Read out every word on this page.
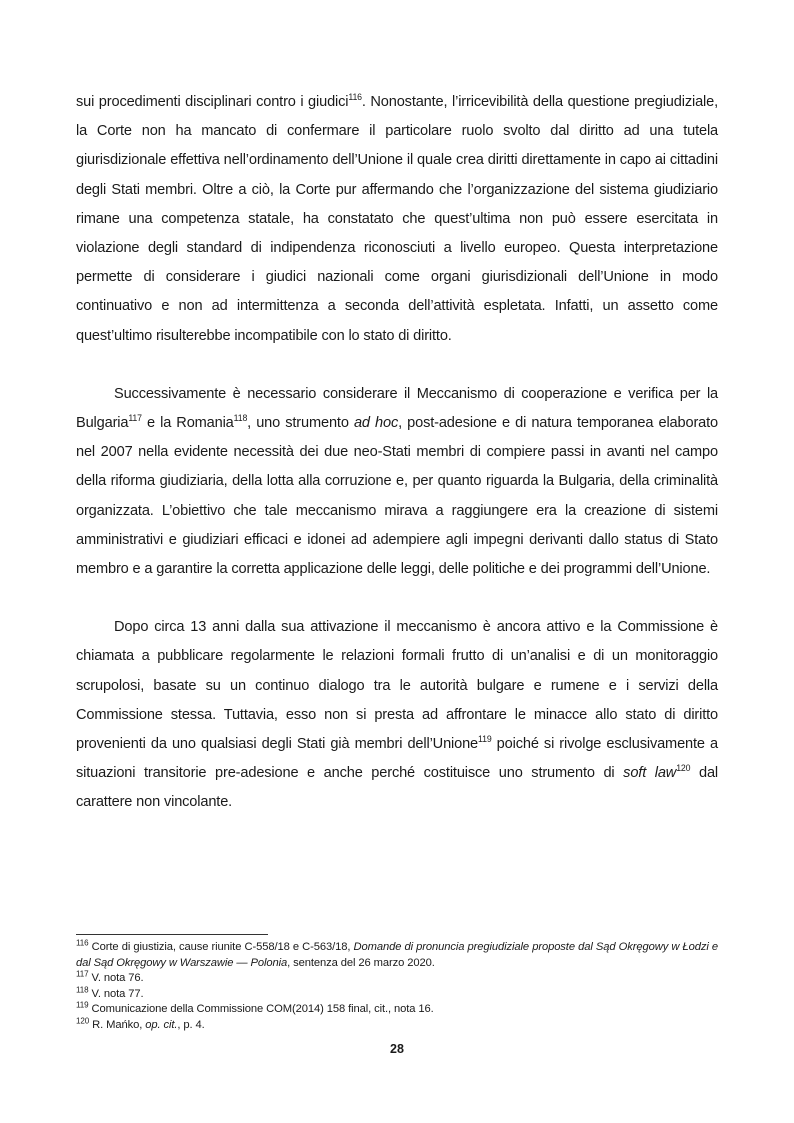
sui procedimenti disciplinari contro i giudici$^{116}$. Nonostante, l’irricevibilità della questione pregiudiziale, la Corte non ha mancato di confermare il particolare ruolo svolto dal diritto ad una tutela giurisdizionale effettiva nell’ordinamento dell’Unione il quale crea diritti direttamente in capo ai cittadini degli Stati membri. Oltre a ciò, la Corte pur affermando che l’organizzazione del sistema giudiziario rimane una competenza statale, ha constatato che quest’ultima non può essere esercitata in violazione degli standard di indipendenza riconosciuti a livello europeo. Questa interpretazione permette di considerare i giudici nazionali come organi giurisdizionali dell’Unione in modo continuativo e non ad intermittenza a seconda dell’attività espletata. Infatti, un assetto come quest’ultimo risulterebbe incompatibile con lo stato di diritto.

Successivamente è necessario considerare il Meccanismo di cooperazione e verifica per la Bulgaria$^{117}$ e la Romania$^{118}$, uno strumento ad hoc, post-adesione e di natura temporanea elaborato nel 2007 nella evidente necessità dei due neo-Stati membri di compiere passi in avanti nel campo della riforma giudiziaria, della lotta alla corruzione e, per quanto riguarda la Bulgaria, della criminalità organizzata. L’obiettivo che tale meccanismo mirava a raggiungere era la creazione di sistemi amministrativi e giudiziari efficaci e idonei ad adempiere agli impegni derivanti dallo status di Stato membro e a garantire la corretta applicazione delle leggi, delle politiche e dei programmi dell’Unione.

Dopo circa 13 anni dalla sua attivazione il meccanismo è ancora attivo e la Commissione è chiamata a pubblicare regolarmente le relazioni formali frutto di un’analisi e di un monitoraggio scrupolosi, basate su un continuo dialogo tra le autorità bulgare e rumene e i servizi della Commissione stessa. Tuttavia, esso non si presta ad affrontare le minacce allo stato di diritto provenienti da uno qualsiasi degli Stati già membri dell’Unione$^{119}$ poiché si rivolge esclusivamente a situazioni transitorie pre-adesione e anche perché costituisce uno strumento di soft law$^{120}$ dal carattere non vincolante.

$^{116}$ Corte di giustizia, cause riunite C-558/18 e C-563/18, Domande di pronuncia pregiudiziale proposte dal Sąd Okręgowy w Łodzi e dal Sąd Okręgowy w Warszawie — Polonia, sentenza del 26 marzo 2020.

$^{117}$ V. nota 76.

$^{118}$ V. nota 77.

$^{119}$ Comunicazione della Commissione COM(2014) 158 final, cit., nota 16.

$^{120}$ R. Mańko, op. cit., p. 4.

28
